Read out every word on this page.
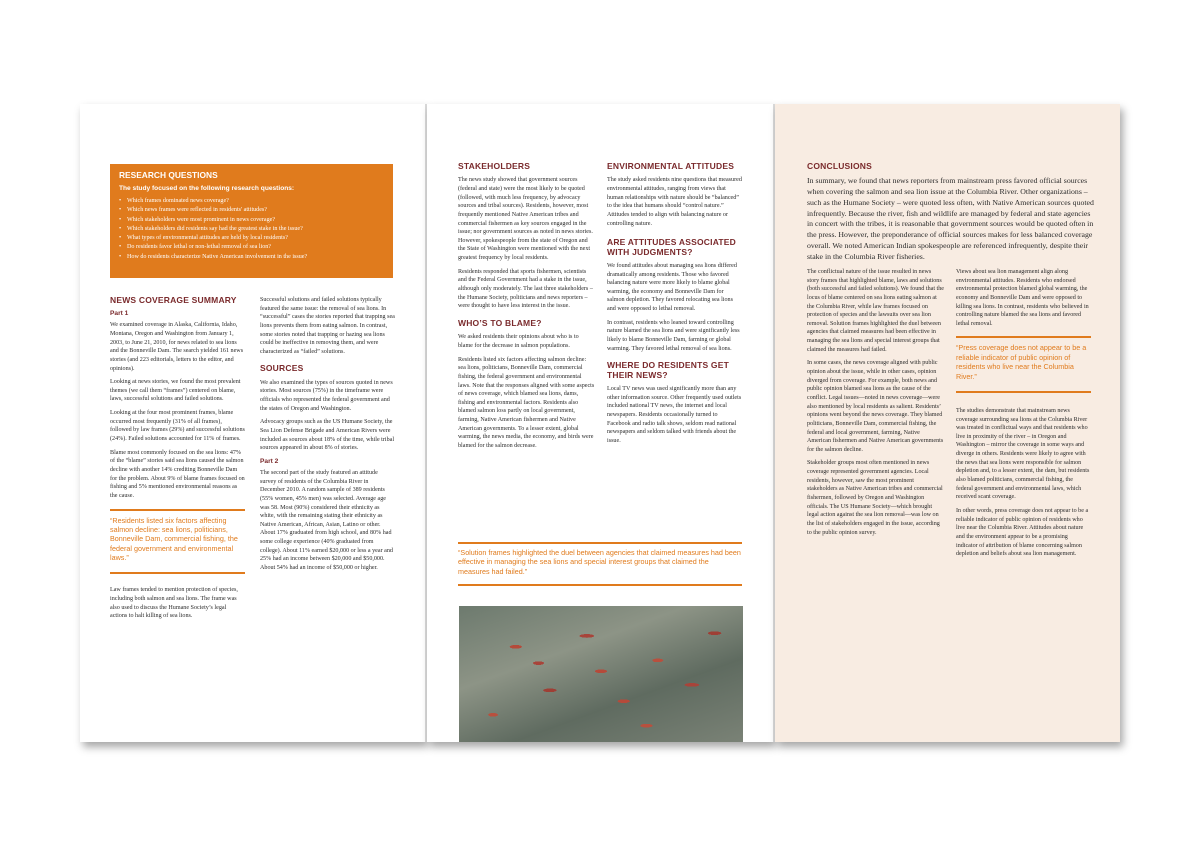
RESEARCH QUESTIONS
The study focused on the following research questions:
• Which frames dominated news coverage?
• Which news frames were reflected in residents' attitudes?
• Which stakeholders were most prominent in news coverage?
• Which stakeholders did residents say had the greatest stake in the issue?
• What types of environmental attitudes are held by local residents?
• Do residents favor lethal or non-lethal removal of sea lion?
• How do residents characterize Native American involvement in the issue?
NEWS COVERAGE SUMMARY
Part 1

We examined coverage in Alaska, California, Idaho, Montana, Oregon and Washington from January 1, 2003, to June 21, 2010, for news related to sea lions and the Bonneville Dam. The search yielded 161 news stories (and 223 editorials, letters to the editor, and opinions).

Looking at news stories, we found the most prevalent themes (we call them “frames”) centered on blame, laws, successful solutions and failed solutions.

Looking at the four most prominent frames, blame occurred most frequently (31% of all frames), followed by law frames (29%) and successful solutions (24%). Failed solutions accounted for 11% of frames.

Blame most commonly focused on the sea lions: 47% of the “blame” stories said sea lions caused the salmon decline with another 14% crediting Bonneville Dam for the problem. About 9% of blame frames focused on fishing and 5% mentioned environmental reasons as the cause.

“Residents listed six factors affecting salmon decline: sea lions, politicians, Bonneville Dam, commercial fishing, the federal government and environmental laws.”

Law frames tended to mention protection of species, including both salmon and sea lions. The frame was also used to discuss the Humane Society’s legal actions to halt killing of sea lions.

Successful solutions and failed solutions typically featured the same issue: the removal of sea lions. In “successful” cases the stories reported that trapping sea lions prevents them from eating salmon. In contrast, some stories noted that trapping or hazing sea lions could be ineffective in removing them, and were characterized as “failed” solutions.

SOURCES

We also examined the types of sources quoted in news stories. Most sources (75%) in the timeframe were officials who represented the federal government and the states of Oregon and Washington.

Advocacy groups such as the US Humane Society, the Sea Lion Defense Brigade and American Rivers were included as sources about 18% of the time, while tribal sources appeared in about 8% of stories.

Part 2

The second part of the study featured an attitude survey of residents of the Columbia River in December 2010. A random sample of 389 residents (55% women, 45% men) was selected. Average age was 58. Most (90%) considered their ethnicity as white, with the remaining stating their ethnicity as Native American, African, Asian, Latino or other. About 17% graduated from high school, and 80% had some college experience (40% graduated from college). About 11% earned $20,000 or less a year and 25% had an income between $20,000 and $50,000. About 54% had an income of $50,000 or higher.

STAKEHOLDERS

The news study showed that government sources (federal and state) were the most likely to be quoted (followed, with much less frequency, by advocacy sources and tribal sources). Residents, however, most frequently mentioned Native American tribes and commercial fishermen as key sources engaged in the issue; nor government sources as noted in news stories. However, spokespeople from the state of Oregon and the State of Washington were mentioned with the next greatest frequency by local residents.

Residents responded that sports fishermen, scientists and the Federal Government had a stake in the issue, although only moderately. The last three stakeholders – the Humane Society, politicians and news reporters – were thought to have less interest in the issue.

WHO’S TO BLAME?

We asked residents their opinions about who is to blame for the decrease in salmon populations.

Residents listed six factors affecting salmon decline: sea lions, politicians, Bonneville Dam, commercial fishing, the federal government and environmental laws. Note that the responses aligned with some aspects of news coverage, which blamed sea lions, dams, fishing and environmental factors. Residents also blamed salmon loss partly on local government, farming, Native American fishermen and Native American governments. To a lesser extent, global warming, the news media, the economy, and birds were blamed for the salmon decrease.

ENVIRONMENTAL ATTITUDES

The study asked residents nine questions that measured environmental attitudes, ranging from views that human relationships with nature should be “balanced” to the idea that humans should “control nature.” Attitudes tended to align with balancing nature or controlling nature.

ARE ATTITUDES ASSOCIATED WITH JUDGMENTS?

We found attitudes about managing sea lions differed dramatically among residents. Those who favored balancing nature were more likely to blame global warming, the economy and Bonneville Dam for salmon depletion. They favored relocating sea lions and were opposed to lethal removal.

In contrast, residents who leaned toward controlling nature blamed the sea lions and were significantly less likely to blame Bonneville Dam, farming or global warming. They favored lethal removal of sea lions.

WHERE DO RESIDENTS GET THEIR NEWS?

Local TV news was used significantly more than any other information source. Other frequently used outlets included national TV news, the internet and local newspapers. Residents occasionally turned to Facebook and radio talk shows, seldom read national newspapers and seldom talked with friends about the issue.

“Solution frames highlighted the duel between agencies that claimed measures had been effective in managing the sea lions and special interest groups that claimed the measures had failed.”
CONCLUSIONS

In summary, we found that news reporters from mainstream press favored official sources when covering the salmon and sea lion issue at the Columbia River. Other organizations – such as the Humane Society – were quoted less often, with Native American sources quoted infrequently. Because the river, fish and wildlife are managed by federal and state agencies in concert with the tribes, it is reasonable that government sources would be quoted often in the press. However, the preponderance of official sources makes for less balanced coverage overall. We noted American Indian spokespeople are referenced infrequently, despite their stake in the Columbia River fisheries.

The conflictual nature of the issue resulted in news story frames that highlighted blame, laws and solutions (both successful and failed solutions). We found that the locus of blame centered on sea lions eating salmon at the Columbia River, while law frames focused on protection of species and the lawsuits over sea lion removal. Solution frames highlighted the duel between agencies that claimed measures had been effective in managing the sea lions and special interest groups that claimed the measures had failed.

In some cases, the news coverage aligned with public opinion about the issue, while in other cases, opinion diverged from coverage. For example, both news and public opinion blamed sea lions as the cause of the conflict. Legal issues—noted in news coverage—were also mentioned by local residents as salient. Residents’ opinions went beyond the news coverage. They blamed politicians, Bonneville Dam, commercial fishing, the federal and local government, farming, Native American fishermen and Native American governments for the salmon decline.

Stakeholder groups most often mentioned in news coverage represented government agencies. Local residents, however, saw the most prominent stakeholders as Native American tribes and commercial fishermen, followed by Oregon and Washington officials. The US Humane Society—which brought legal action against the sea lion removal—was low on the list of stakeholders engaged in the issue, according to the public opinion survey.

Views about sea lion management align along environmental attitudes. Residents who endorsed environmental protection blamed global warming, the economy and Bonneville Dam and were opposed to killing sea lions. In contrast, residents who believed in controlling nature blamed the sea lions and favored lethal removal.

“Press coverage does not appear to be a reliable indicator of public opinion of residents who live near the Columbia River.”

The studies demonstrate that mainstream news coverage surrounding sea lions at the Columbia River was treated in conflictual ways and that residents who live in proximity of the river – in Oregon and Washington – mirror the coverage in some ways and diverge in others. Residents were likely to agree with the news that sea lions were responsible for salmon depletion and, to a lesser extent, the dam, but residents also blamed politicians, commercial fishing, the federal government and environmental laws, which received scant coverage.

In other words, press coverage does not appear to be a reliable indicator of public opinion of residents who live near the Columbia River. Attitudes about nature and the environment appear to be a promising indicator of attribution of blame concerning salmon depletion and beliefs about sea lion management.
